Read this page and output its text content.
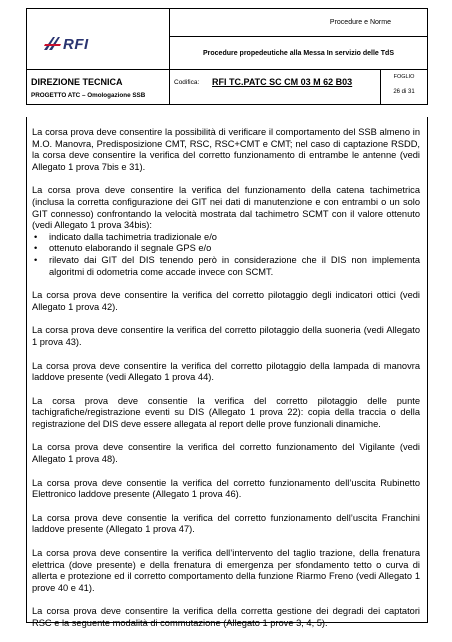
RFI
Procedure e Norme
Procedure propedeutiche alla Messa In servizio delle TdS
DIREZIONE TECNICA
PROGETTO ATC – Omologazione SSB
Codifica: RFI TC.PATC SC CM 03 M 62 B03	FOGLIO
26 di 31

La corsa prova deve consentire la possibilità di verificare il comportamento del SSB almeno in M.O. Manovra, Predisposizione CMT, RSC, RSC+CMT e CMT; nel caso di captazione RSDD, la corsa deve consentire la verifica del corretto funzionamento di entrambe le antenne (vedi Allegato 1 prova 7bis e 31).

La corsa prova deve consentire la verifica del funzionamento della catena tachimetrica (inclusa la corretta configurazione dei GIT nei dati di manutenzione e con entrambi o un solo GIT connesso) confrontando la velocità mostrata dal tachimetro SCMT con il valore ottenuto (vedi Allegato 1 prova 34bis):

• indicato dalla tachimetria tradizionale e/o
• ottenuto elaborando il segnale GPS e/o
• rilevato dai GIT del DIS tenendo però in considerazione che il DIS non implementa algoritmi di odometria come accade invece con SCMT.

La corsa prova deve consentire la verifica del corretto pilotaggio degli indicatori ottici (vedi Allegato 1 prova 42).

La corsa prova deve consentire la verifica del corretto pilotaggio della suoneria (vedi Allegato 1 prova 43).

La corsa prova deve consentire la verifica del corretto pilotaggio della lampada di manovra laddove presente (vedi Allegato 1 prova 44).

La corsa prova deve consentie la verifica del corretto pilotaggio delle punte tachigrafiche/registrazione eventi su DIS (Allegato 1 prova 22): copia della traccia o della registrazione del DIS deve essere allegata al report delle prove funzionali dinamiche.

La corsa prova deve consentire la verifica del corretto funzionamento del Vigilante (vedi Allegato 1 prova 48).

La corsa prova deve consentie la verifica del corretto funzionamento dell’uscita Rubinetto Elettronico laddove presente (Allegato 1 prova 46).

La corsa prova deve consentie la verifica del corretto funzionamento dell’uscita Franchini laddove presente (Allegato 1 prova 47).

La corsa prova deve consentire la verifica dell’intervento del taglio trazione, della frenatura elettrica (dove presente) e della frenatura di emergenza per sfondamento tetto o curva di allerta e protezione ed il corretto comportamento della funzione Riarmo Freno (vedi Allegato 1 prove 40 e 41).

La corsa prova deve consentire la verifica della corretta gestione dei degradi dei captatori RSC e la seguente modalità di commutazione (Allegato 1 prove 3, 4, 5).
